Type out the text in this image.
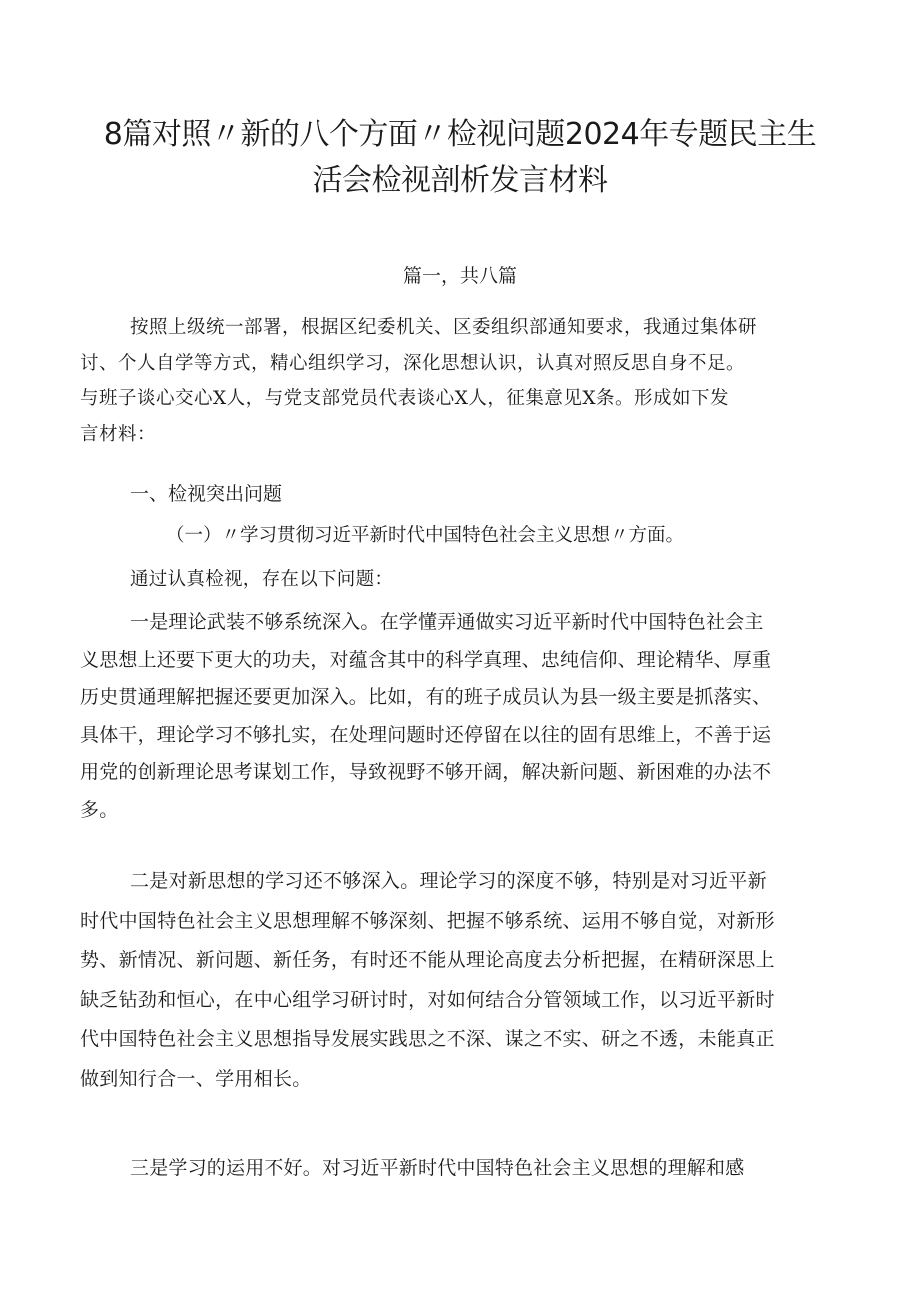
8篇对照〃新的八个方面〃检视问题2024年专题民主生
活会检视剖析发言材料
篇一，共八篇
按照上级统一部署，根据区纪委机关、区委组织部通知要求，我通过集体研
讨、个人自学等方式，精心组织学习，深化思想认识，认真对照反思自身不足。
与班子谈心交心X人，与党支部党员代表谈心X人，征集意见X条。形成如下发
言材料：
一、检视突出问题
（一）〃学习贯彻习近平新时代中国特色社会主义思想〃方面。
通过认真检视，存在以下问题：
一是理论武装不够系统深入。在学懂弄通做实习近平新时代中国特色社会主
义思想上还要下更大的功夫，对蕴含其中的科学真理、忠纯信仰、理论精华、厚重
历史贯通理解把握还要更加深入。比如，有的班子成员认为县一级主要是抓落实、
具体干，理论学习不够扎实，在处理问题时还停留在以往的固有思维上，不善于运
用党的创新理论思考谋划工作，导致视野不够开阔，解决新问题、新困难的办法不
多。
二是对新思想的学习还不够深入。理论学习的深度不够，特别是对习近平新
时代中国特色社会主义思想理解不够深刻、把握不够系统、运用不够自觉，对新形
势、新情况、新问题、新任务，有时还不能从理论高度去分析把握，在精研深思上
缺乏钻劲和恒心，在中心组学习研讨时，对如何结合分管领域工作，以习近平新时
代中国特色社会主义思想指导发展实践思之不深、谋之不实、研之不透，未能真正
做到知行合一、学用相长。
三是学习的运用不好。对习近平新时代中国特色社会主义思想的理解和感
